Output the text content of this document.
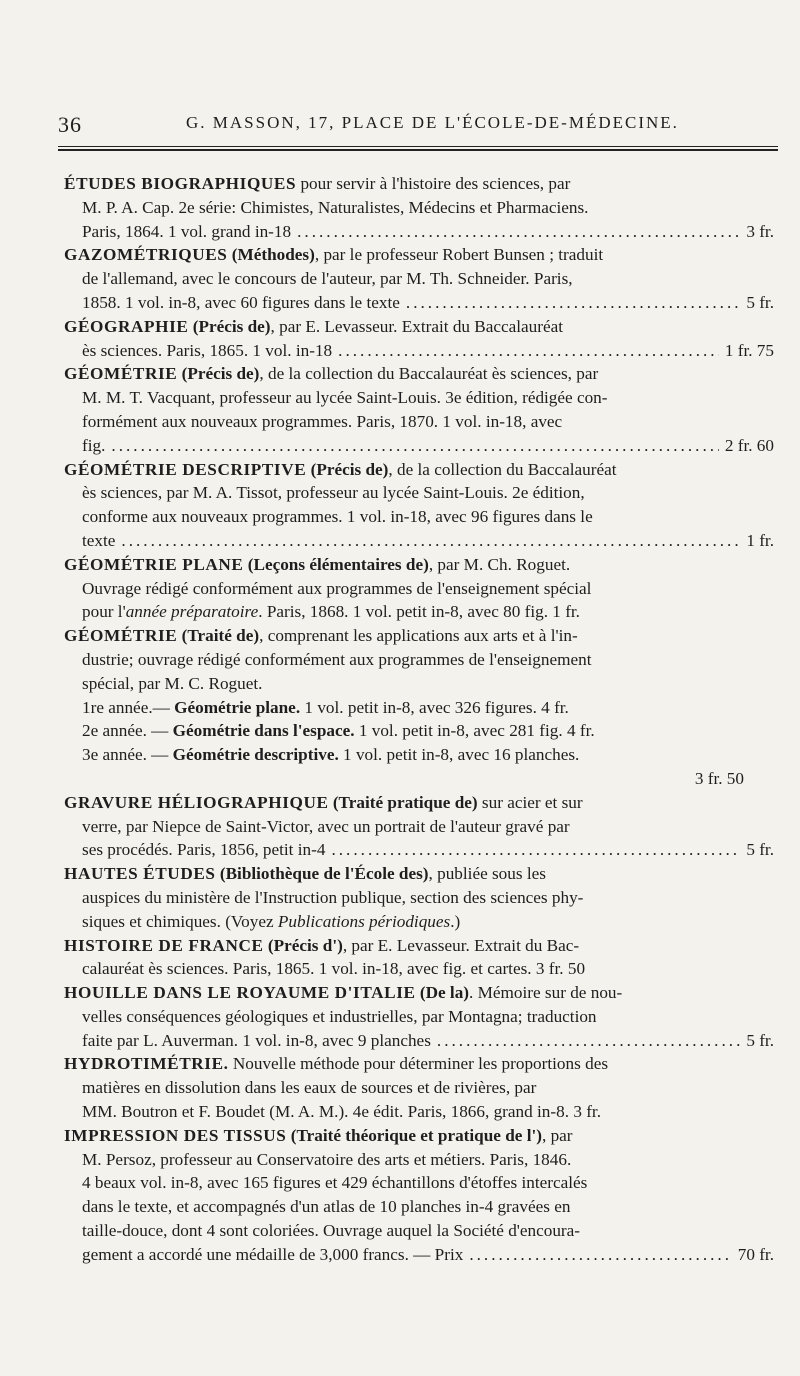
36	G. MASSON, 17, PLACE DE L'ÉCOLE-DE-MÉDECINE.
ÉTUDES BIOGRAPHIQUES pour servir à l'histoire des sciences, par
M. P. A. Cap. 2e série: Chimistes, Naturalistes, Médecins et Pharmaciens.
Paris, 1864. 1 vol. grand in-18 .....	3 fr.
GAZOMÉTRIQUES (Méthodes), par le professeur Robert Bunsen ; traduit
de l'allemand, avec le concours de l'auteur, par M. Th. Schneider. Paris,
1858. 1 vol. in-8, avec 60 figures dans le texte .....	5 fr.
GÉOGRAPHIE (Précis de), par E. Levasseur. Extrait du Baccalauréat
ès sciences. Paris, 1865. 1 vol. in-18 .....	1 fr. 75
GÉOMÉTRIE (Précis de), de la collection du Baccalauréat ès sciences, par
M. M. T. Vacquant, professeur au lycée Saint-Louis. 3e édition, rédigée con-
formément aux nouveaux programmes. Paris, 1870. 1 vol. in-18, avec
fig. .....	2 fr. 60
GÉOMÉTRIE DESCRIPTIVE (Précis de), de la collection du Baccalauréat
ès sciences, par M. A. Tissot, professeur au lycée Saint-Louis. 2e édition,
conforme aux nouveaux programmes. 1 vol. in-18, avec 96 figures dans le
texte .....	1 fr.
GÉOMÉTRIE PLANE (Leçons élémentaires de), par M. Ch. Roguet.
Ouvrage rédigé conformément aux programmes de l'enseignement spécial
pour l'année préparatoire. Paris, 1868. 1 vol. petit in-8, avec 80 fig. 1 fr.
GÉOMÉTRIE (Traité de), comprenant les applications aux arts et à l'in-
dustrie; ouvrage rédigé conformément aux programmes de l'enseignement
spécial, par M. C. Roguet.
1re année.— Géométrie plane. 1 vol. petit in-8, avec 326 figures. 4 fr.
2e année. — Géométrie dans l'espace. 1 vol. petit in-8, avec 281 fig. 4 fr.
3e année. — Géométrie descriptive. 1 vol. petit in-8, avec 16 planches.
3 fr. 50
GRAVURE HÉLIOGRAPHIQUE (Traité pratique de) sur acier et sur
verre, par Niepce de Saint-Victor, avec un portrait de l'auteur gravé par
ses procédés. Paris, 1856, petit in-4 .....	5 fr.
HAUTES ÉTUDES (Bibliothèque de l'École des), publiée sous les
auspices du ministère de l'Instruction publique, section des sciences phy-
siques et chimiques. (Voyez Publications périodiques.)
HISTOIRE DE FRANCE (Précis d'), par E. Levasseur. Extrait du Bac-
calauréat ès sciences. Paris, 1865. 1 vol. in-18, avec fig. et cartes. 3 fr. 50
HOUILLE DANS LE ROYAUME D'ITALIE (De la). Mémoire sur de nou-
velles conséquences géologiques et industrielles, par Montagna; traduction
faite par L. Auverman. 1 vol. in-8, avec 9 planches .....	5 fr.
HYDROTIMÉTRIE. Nouvelle méthode pour déterminer les proportions des
matières en dissolution dans les eaux de sources et de rivières, par
MM. Boutron et F. Boudet (M. A. M.). 4e édit. Paris, 1866, grand in-8. 3 fr.
IMPRESSION DES TISSUS (Traité théorique et pratique de l'), par
M. Persoz, professeur au Conservatoire des arts et métiers. Paris, 1846.
4 beaux vol. in-8, avec 165 figures et 429 échantillons d'étoffes intercalés
dans le texte, et accompagnés d'un atlas de 10 planches in-4 gravées en
taille-douce, dont 4 sont coloriées. Ouvrage auquel la Société d'encoura-
gement a accordé une médaille de 3,000 francs. — Prix .....	70 fr.
